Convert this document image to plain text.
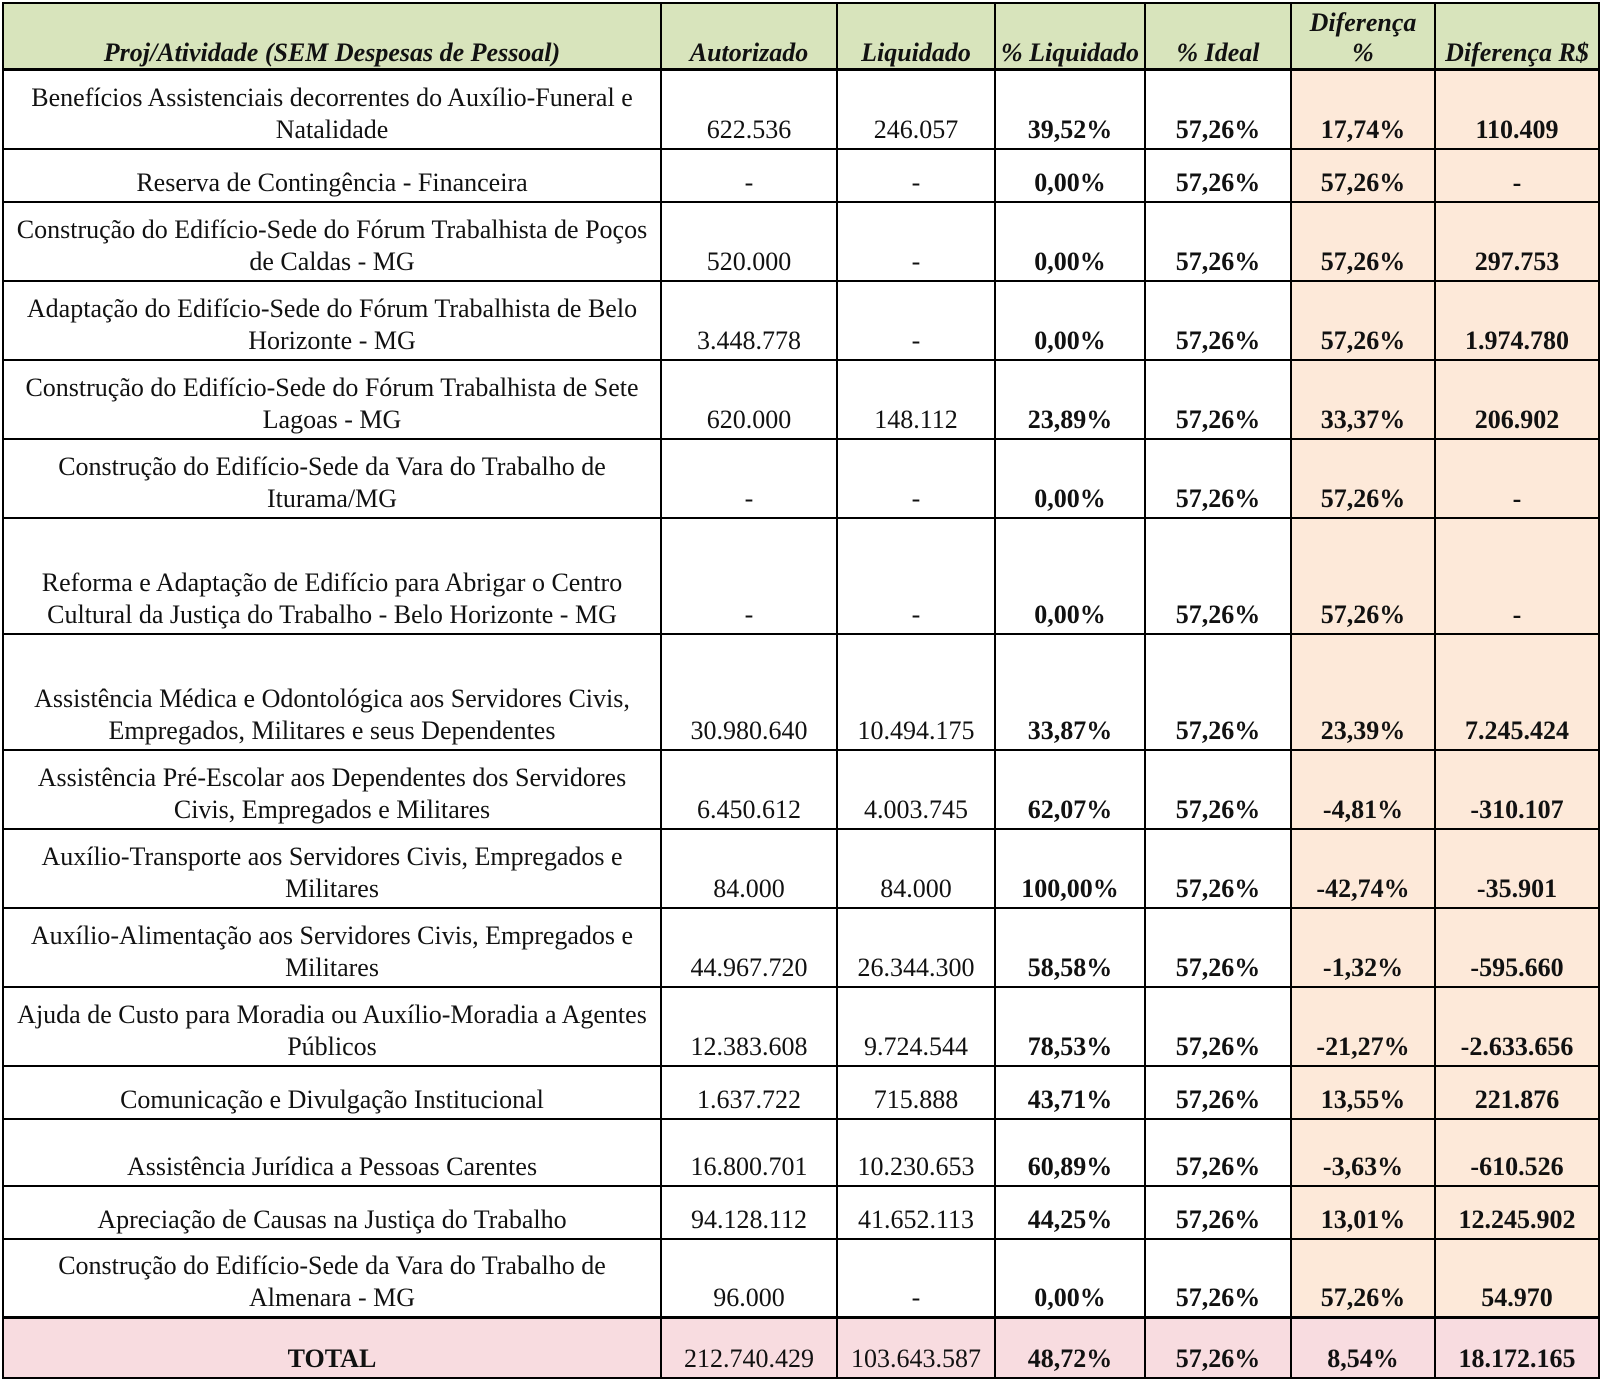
Proj/Atividade (SEM Despesas de Pessoal)	Autorizado	Liquidado	% Liquidado	% Ideal	Diferença %	Diferença R$
Benefícios Assistenciais decorrentes do Auxílio-Funeral e Natalidade	622.536	246.057	39,52%	57,26%	17,74%	110.409
Reserva de Contingência - Financeira	-	-	0,00%	57,26%	57,26%	-
Construção do Edifício-Sede do Fórum Trabalhista de Poços de Caldas - MG	520.000	-	0,00%	57,26%	57,26%	297.753
Adaptação do Edifício-Sede do Fórum Trabalhista de Belo Horizonte - MG	3.448.778	-	0,00%	57,26%	57,26%	1.974.780
Construção do Edifício-Sede do Fórum Trabalhista de Sete Lagoas - MG	620.000	148.112	23,89%	57,26%	33,37%	206.902
Construção do Edifício-Sede da Vara do Trabalho de Iturama/MG	-	-	0,00%	57,26%	57,26%	-
Reforma e Adaptação de Edifício para Abrigar o Centro Cultural da Justiça do Trabalho - Belo Horizonte - MG	-	-	0,00%	57,26%	57,26%	-
Assistência Médica e Odontológica aos Servidores Civis, Empregados, Militares e seus Dependentes	30.980.640	10.494.175	33,87%	57,26%	23,39%	7.245.424
Assistência Pré-Escolar aos Dependentes dos Servidores Civis, Empregados e Militares	6.450.612	4.003.745	62,07%	57,26%	-4,81%	-310.107
Auxílio-Transporte aos Servidores Civis, Empregados e Militares	84.000	84.000	100,00%	57,26%	-42,74%	-35.901
Auxílio-Alimentação aos Servidores Civis, Empregados e Militares	44.967.720	26.344.300	58,58%	57,26%	-1,32%	-595.660
Ajuda de Custo para Moradia ou Auxílio-Moradia a Agentes Públicos	12.383.608	9.724.544	78,53%	57,26%	-21,27%	-2.633.656
Comunicação e Divulgação Institucional	1.637.722	715.888	43,71%	57,26%	13,55%	221.876
Assistência Jurídica a Pessoas Carentes	16.800.701	10.230.653	60,89%	57,26%	-3,63%	-610.526
Apreciação de Causas na Justiça do Trabalho	94.128.112	41.652.113	44,25%	57,26%	13,01%	12.245.902
Construção do Edifício-Sede da Vara do Trabalho de Almenara - MG	96.000	-	0,00%	57,26%	57,26%	54.970
TOTAL	212.740.429	103.643.587	48,72%	57,26%	8,54%	18.172.165
